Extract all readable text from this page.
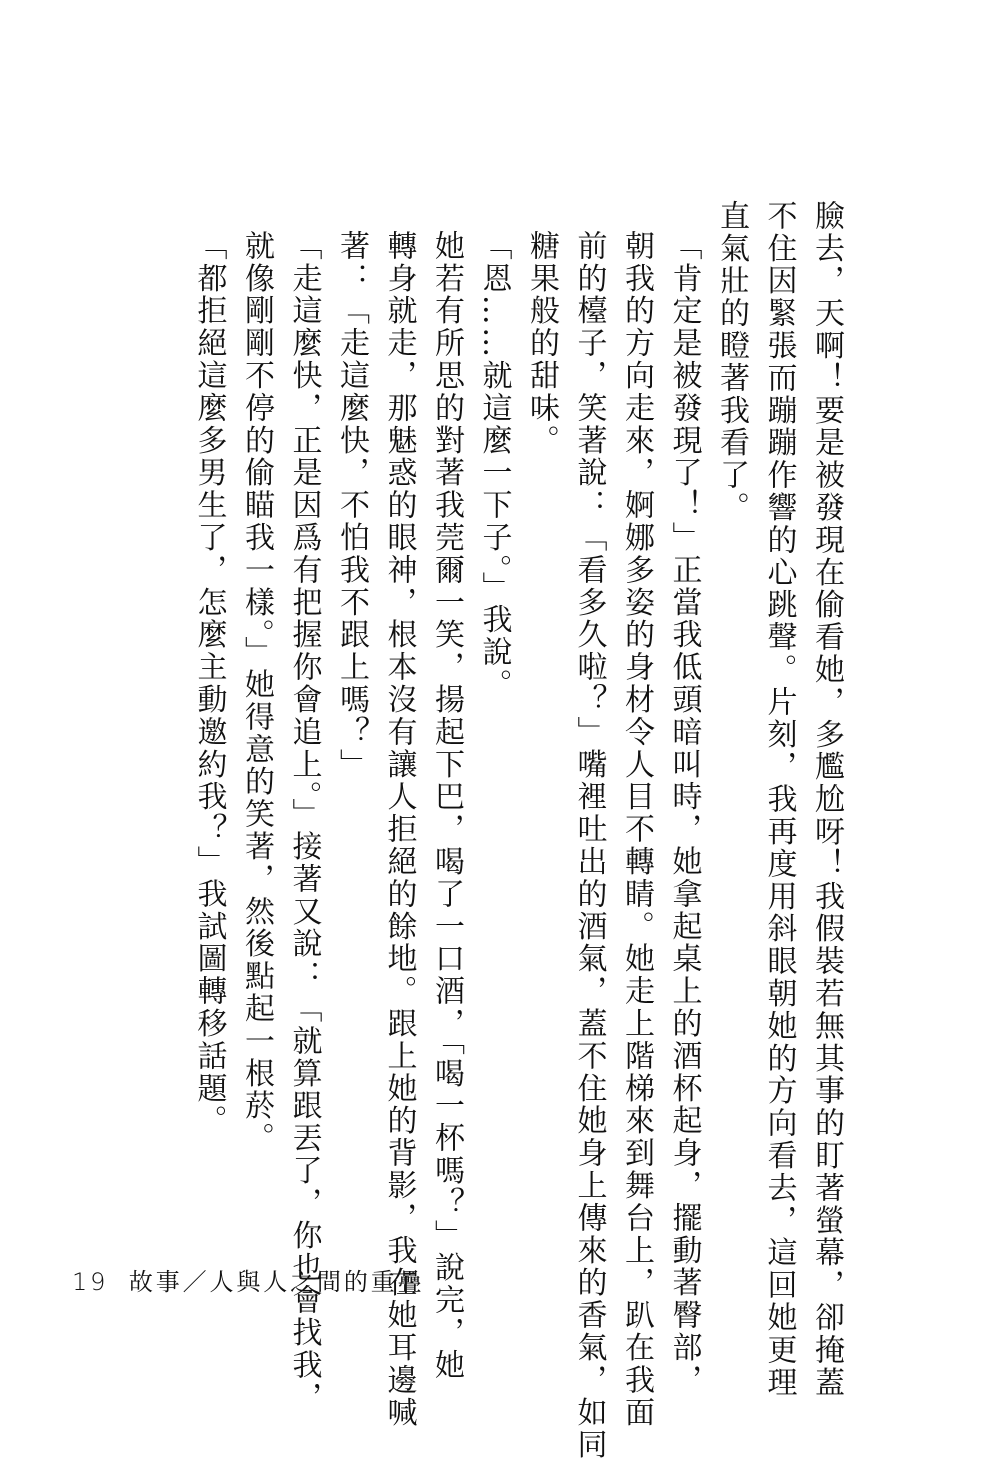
臉去，天啊！要是被發現在偷看她，多尷尬呀！我假裝若無其事的盯著螢幕，卻掩蓋
不住因緊張而蹦蹦作響的心跳聲。片刻，我再度用斜眼朝她的方向看去，這回她更理
直氣壯的瞪著我看了。

「肯定是被發現了！」正當我低頭暗叫時，她拿起桌上的酒杯起身，擺動著臀部，
朝我的方向走來，婀娜多姿的身材令人目不轉睛。她走上階梯來到舞台上，趴在我面
前的檯子，笑著說：「看多久啦？」嘴裡吐出的酒氣，蓋不住她身上傳來的香氣，如同
糖果般的甜味。

「恩……就這麼一下子。」我說。

她若有所思的對著我莞爾一笑，揚起下巴，喝了一口酒，「喝一杯嗎？」說完，她
轉身就走，那魅惑的眼神，根本沒有讓人拒絕的餘地。跟上她的背影，我在她耳邊喊
著：「走這麼快，不怕我不跟上嗎？」

「走這麼快，正是因爲有把握你會追上。」接著又說：「就算跟丟了，你也會找我，
就像剛剛不停的偷瞄我一樣。」她得意的笑著，然後點起一根菸。

「都拒絕這麼多男生了，怎麼主動邀約我？」我試圖轉移話題。

19 故事／人與人之間的重疊
